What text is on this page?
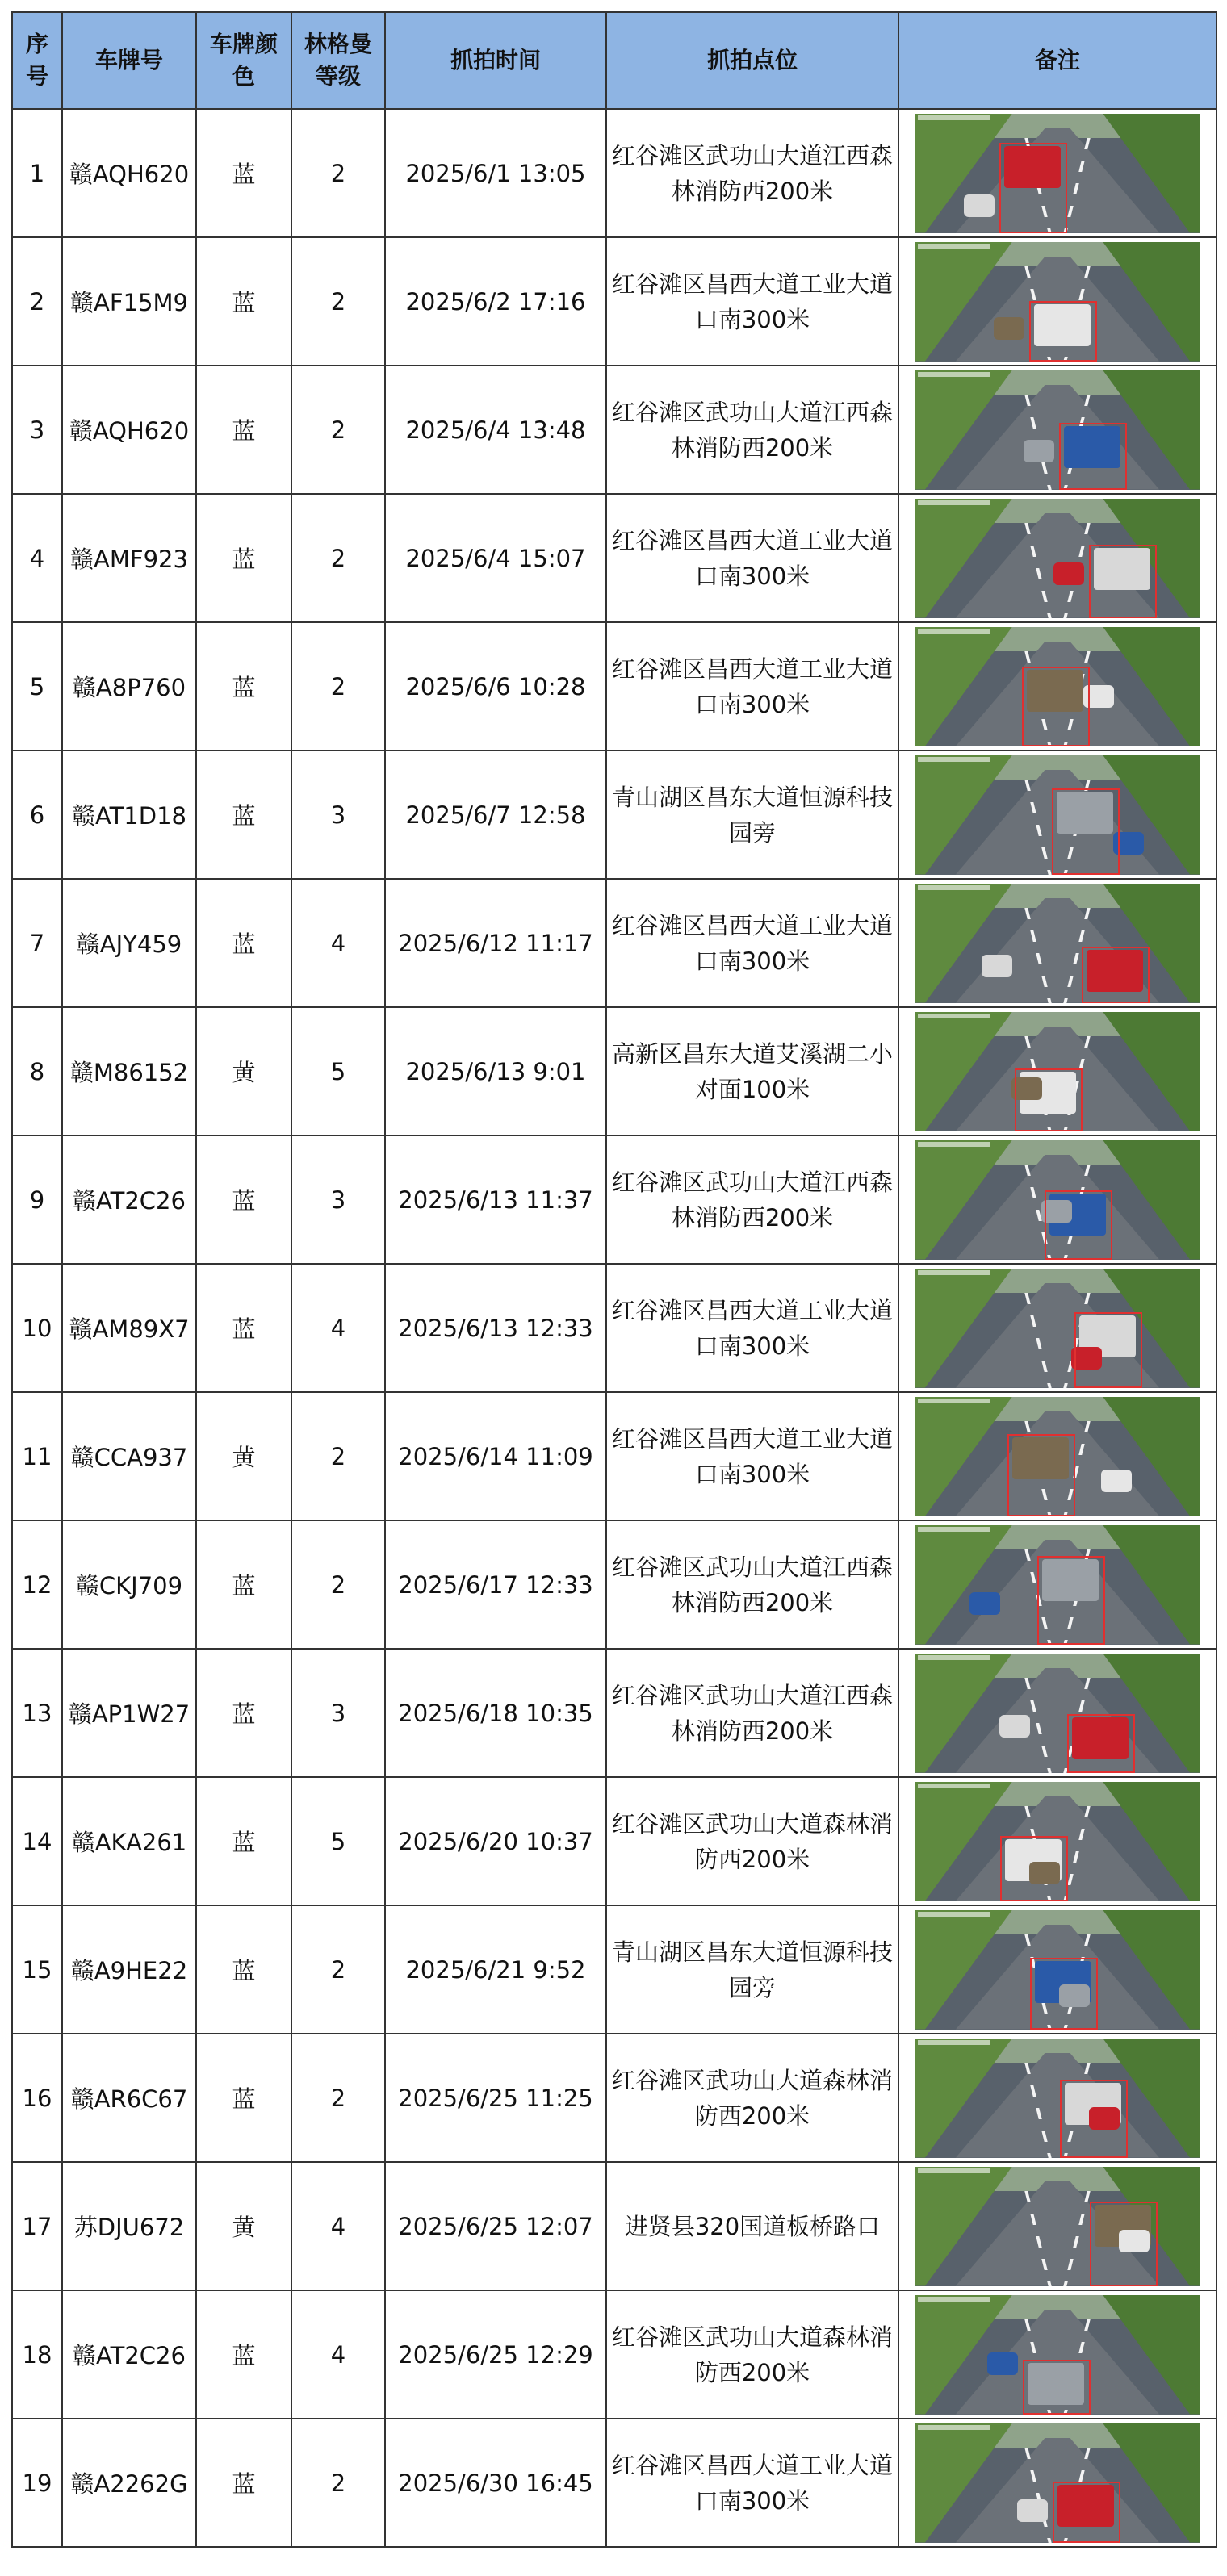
序号	车牌号	车牌颜色	林格曼等级	抓拍时间	抓拍点位	备注
1	赣AQH620	蓝	2	2025/6/1 13:05	红谷滩区武功山大道江西森林消防西200米	

2	赣AF15M9	蓝	2	2025/6/2 17:16	红谷滩区昌西大道工业大道口南300米	

3	赣AQH620	蓝	2	2025/6/4 13:48	红谷滩区武功山大道江西森林消防西200米	

4	赣AMF923	蓝	2	2025/6/4 15:07	红谷滩区昌西大道工业大道口南300米	

5	赣A8P760	蓝	2	2025/6/6 10:28	红谷滩区昌西大道工业大道口南300米	

6	赣AT1D18	蓝	3	2025/6/7 12:58	青山湖区昌东大道恒源科技园旁	

7	赣AJY459	蓝	4	2025/6/12 11:17	红谷滩区昌西大道工业大道口南300米	

8	赣M86152	黄	5	2025/6/13 9:01	高新区昌东大道艾溪湖二小对面100米	

9	赣AT2C26	蓝	3	2025/6/13 11:37	红谷滩区武功山大道江西森林消防西200米	

10	赣AM89X7	蓝	4	2025/6/13 12:33	红谷滩区昌西大道工业大道口南300米	

11	赣CCA937	黄	2	2025/6/14 11:09	红谷滩区昌西大道工业大道口南300米	

12	赣CKJ709	蓝	2	2025/6/17 12:33	红谷滩区武功山大道江西森林消防西200米	

13	赣AP1W27	蓝	3	2025/6/18 10:35	红谷滩区武功山大道江西森林消防西200米	

14	赣AKA261	蓝	5	2025/6/20 10:37	红谷滩区武功山大道森林消防西200米	

15	赣A9HE22	蓝	2	2025/6/21 9:52	青山湖区昌东大道恒源科技园旁	

16	赣AR6C67	蓝	2	2025/6/25 11:25	红谷滩区武功山大道森林消防西200米	

17	苏DJU672	黄	4	2025/6/25 12:07	进贤县320国道板桥路口	

18	赣AT2C26	蓝	4	2025/6/25 12:29	红谷滩区武功山大道森林消防西200米	

19	赣A2262G	蓝	2	2025/6/30 16:45	红谷滩区昌西大道工业大道口南300米	
